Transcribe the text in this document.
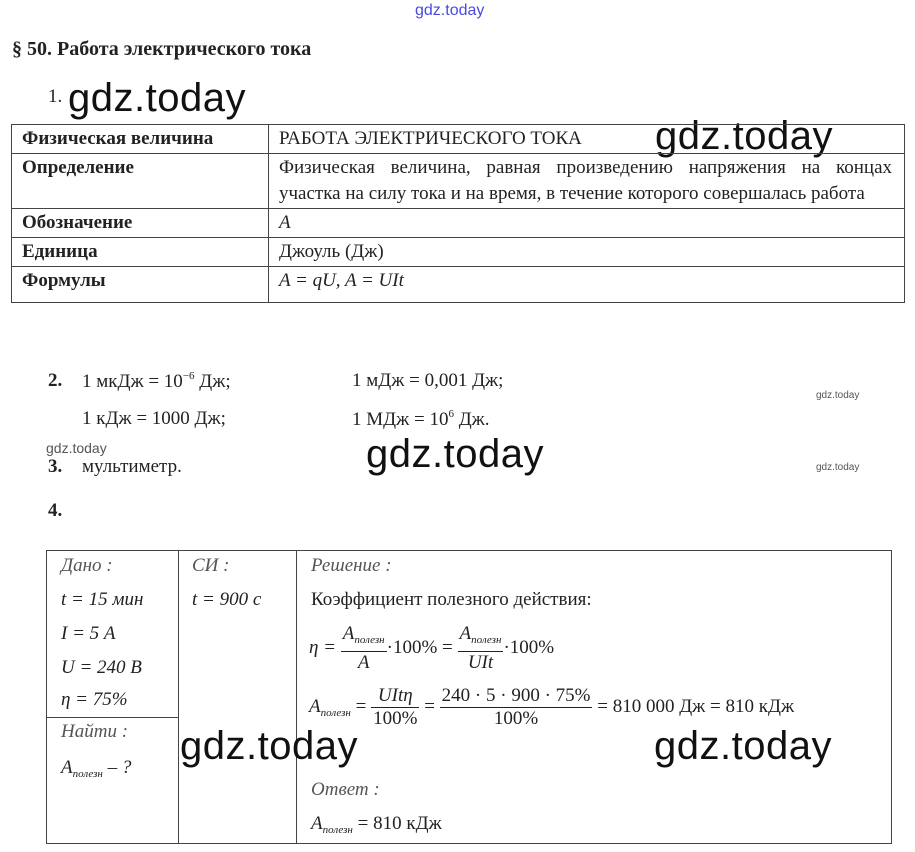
gdz.today
gdz.today
gdz.today
gdz.today
gdz.today	gdz.today	gdz.today
§ 50. Работа электрического тока
1.
Физическая величина	РАБОТА ЭЛЕКТРИЧЕСКОГО ТОКА
Определение	Физическая величина, равная произведению напряжения на концах участка на силу тока и на время, в течение которого совершалась работа
Обозначение	A
Единица	Джоуль (Дж)
Формулы	A = qU, A = UIt
2. 1 мкДж = $10^{-6}$ Дж;	1 мДж = 0,001 Дж;
1 кДж = 1000 Дж;	1 МДж = $10^6$ Дж.
3. мультиметр.
4.
Дано :
t = 15 мин
I = 5 А
U = 240 В
η = 75%
Найти :
$A_{полезн}$ – ?
СИ :
t = 900 с
Решение :
Коэффициент полезного действия:
$\eta = \frac{A_{полезн}}{A} \cdot 100\% = \frac{A_{полезн}}{\text{UIt}} \cdot 100\%$
$A_{полезн} = \frac{\text{UItη}}{100\%} = \frac{240 \cdot 5 \cdot 900 \cdot 75\%}{100\%} = 810$ 000 Дж = 810 кДж
Ответ :
$A_{полезн} = 810$ кДж
gdz.today	gdz.today
